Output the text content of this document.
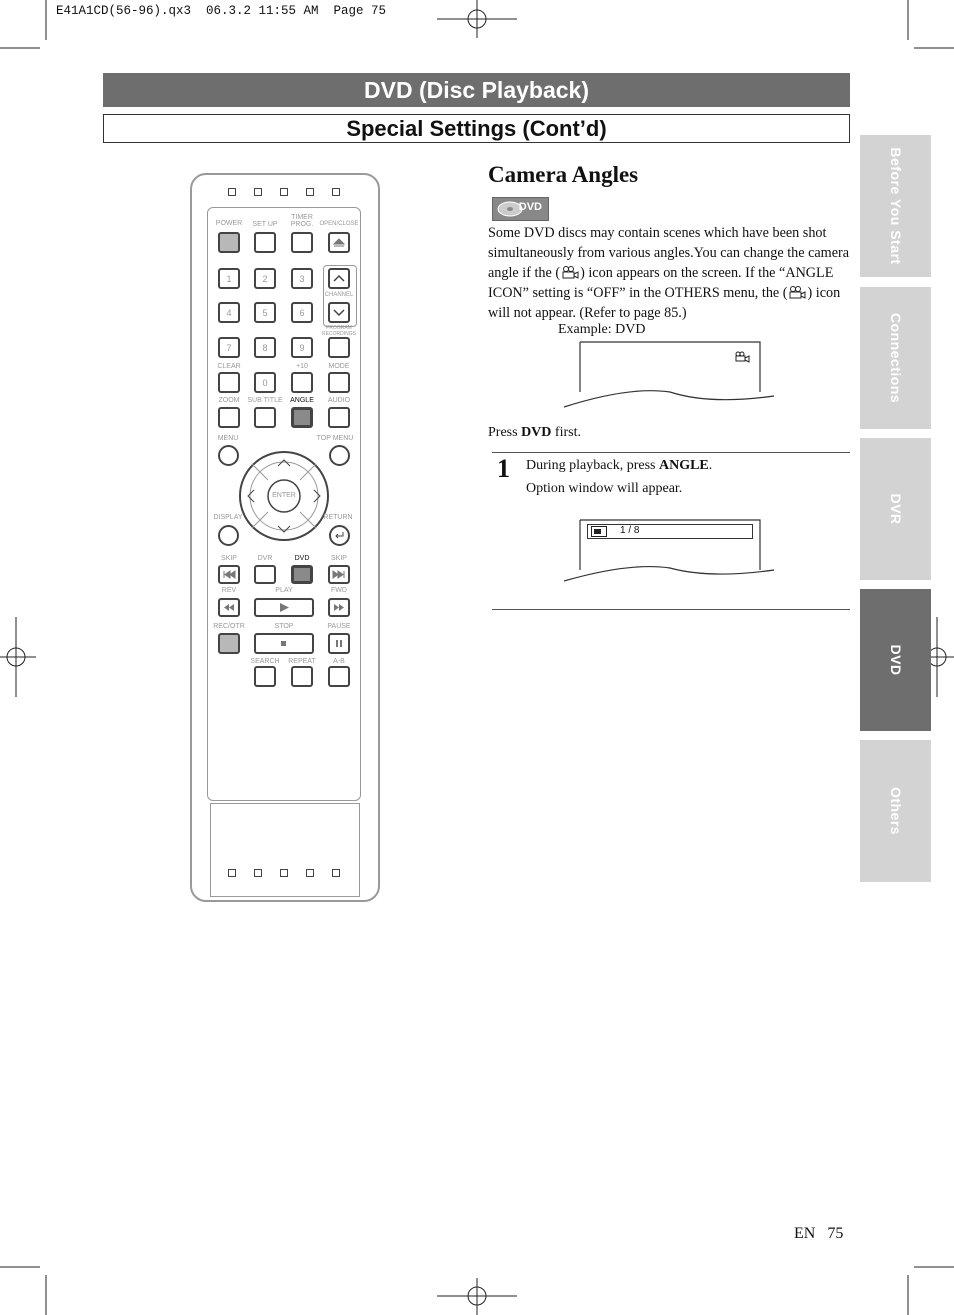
E41A1CD(56-96).qx3  06.3.2 11:55 AM  Page 75
DVD (Disc Playback)
Special Settings (Cont’d)
Before You Start
Connections
DVR
DVD
Others
POWER SET UP
TIMER
PROG. OPEN/CLOSE
1	2	3
4	5	6
7	8	9
CHANNEL
PROGRAM
RECORDINGS
CLEAR	+10	MODE
0
ZOOM SUB TITLE ANGLE AUDIO
MENU	TOP MENU
ENTER
DISPLAY	RETURN
SKIP	DVR	DVD	SKIP
REV	PLAY	FWD
REC/OTR	STOP	PAUSE
SEARCH REPEAT A-B
Camera Angles
DVD
Some DVD discs may contain scenes which have been shot simultaneously from various angles.You can change the camera angle if the ( ) icon appears on the screen. If the “ANGLE ICON” setting is “OFF” in the OTHERS menu, the ( ) icon will not appear. (Refer to page 85.)
Example: DVD
Press DVD first.
1 During playback, press ANGLE.
Option window will appear.
1 / 8
EN 75
